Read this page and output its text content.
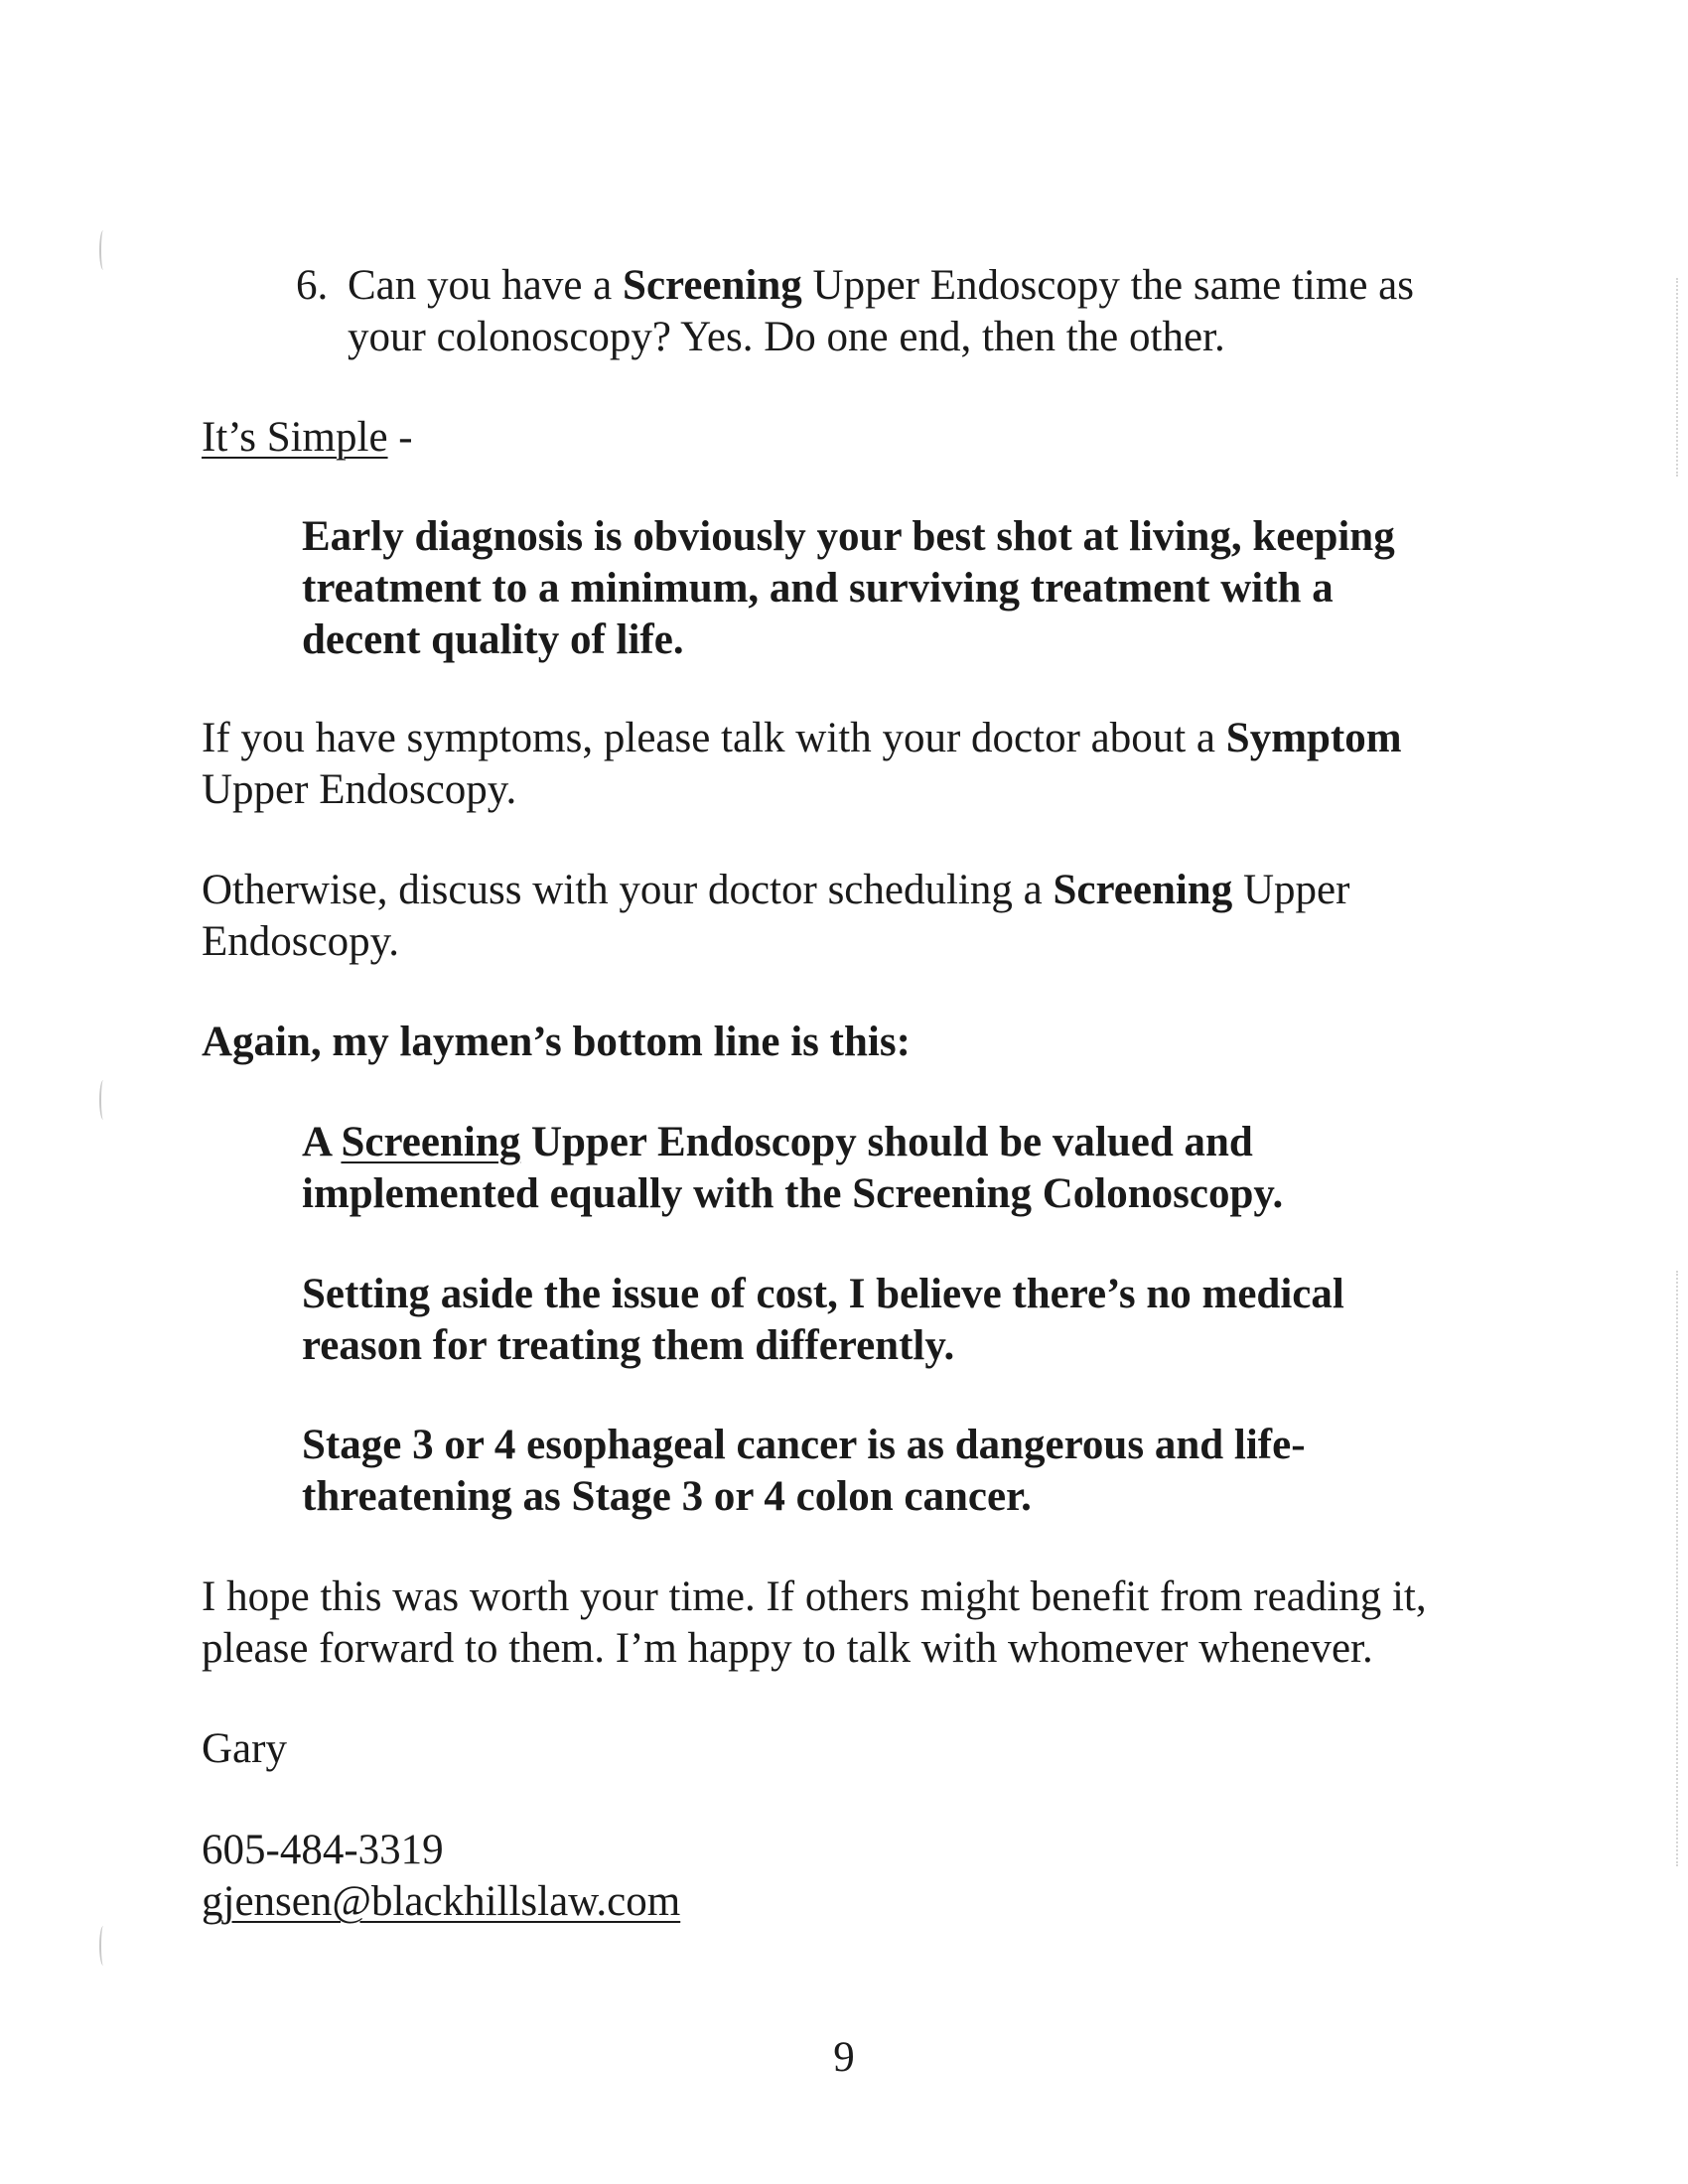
6. Can you have a Screening Upper Endoscopy the same time as
your colonoscopy? Yes. Do one end, then the other.
It’s Simple -
Early diagnosis is obviously your best shot at living, keeping
treatment to a minimum, and surviving treatment with a
decent quality of life.
If you have symptoms, please talk with your doctor about a Symptom
Upper Endoscopy.
Otherwise, discuss with your doctor scheduling a Screening Upper
Endoscopy.
Again, my laymen’s bottom line is this:
A Screening Upper Endoscopy should be valued and
implemented equally with the Screening Colonoscopy.
Setting aside the issue of cost, I believe there’s no medical
reason for treating them differently.
Stage 3 or 4 esophageal cancer is as dangerous and life-
threatening as Stage 3 or 4 colon cancer.
I hope this was worth your time. If others might benefit from reading it,
please forward to them. I’m happy to talk with whomever whenever.
Gary
605-484-3319
gjensen@blackhillslaw.com
9
